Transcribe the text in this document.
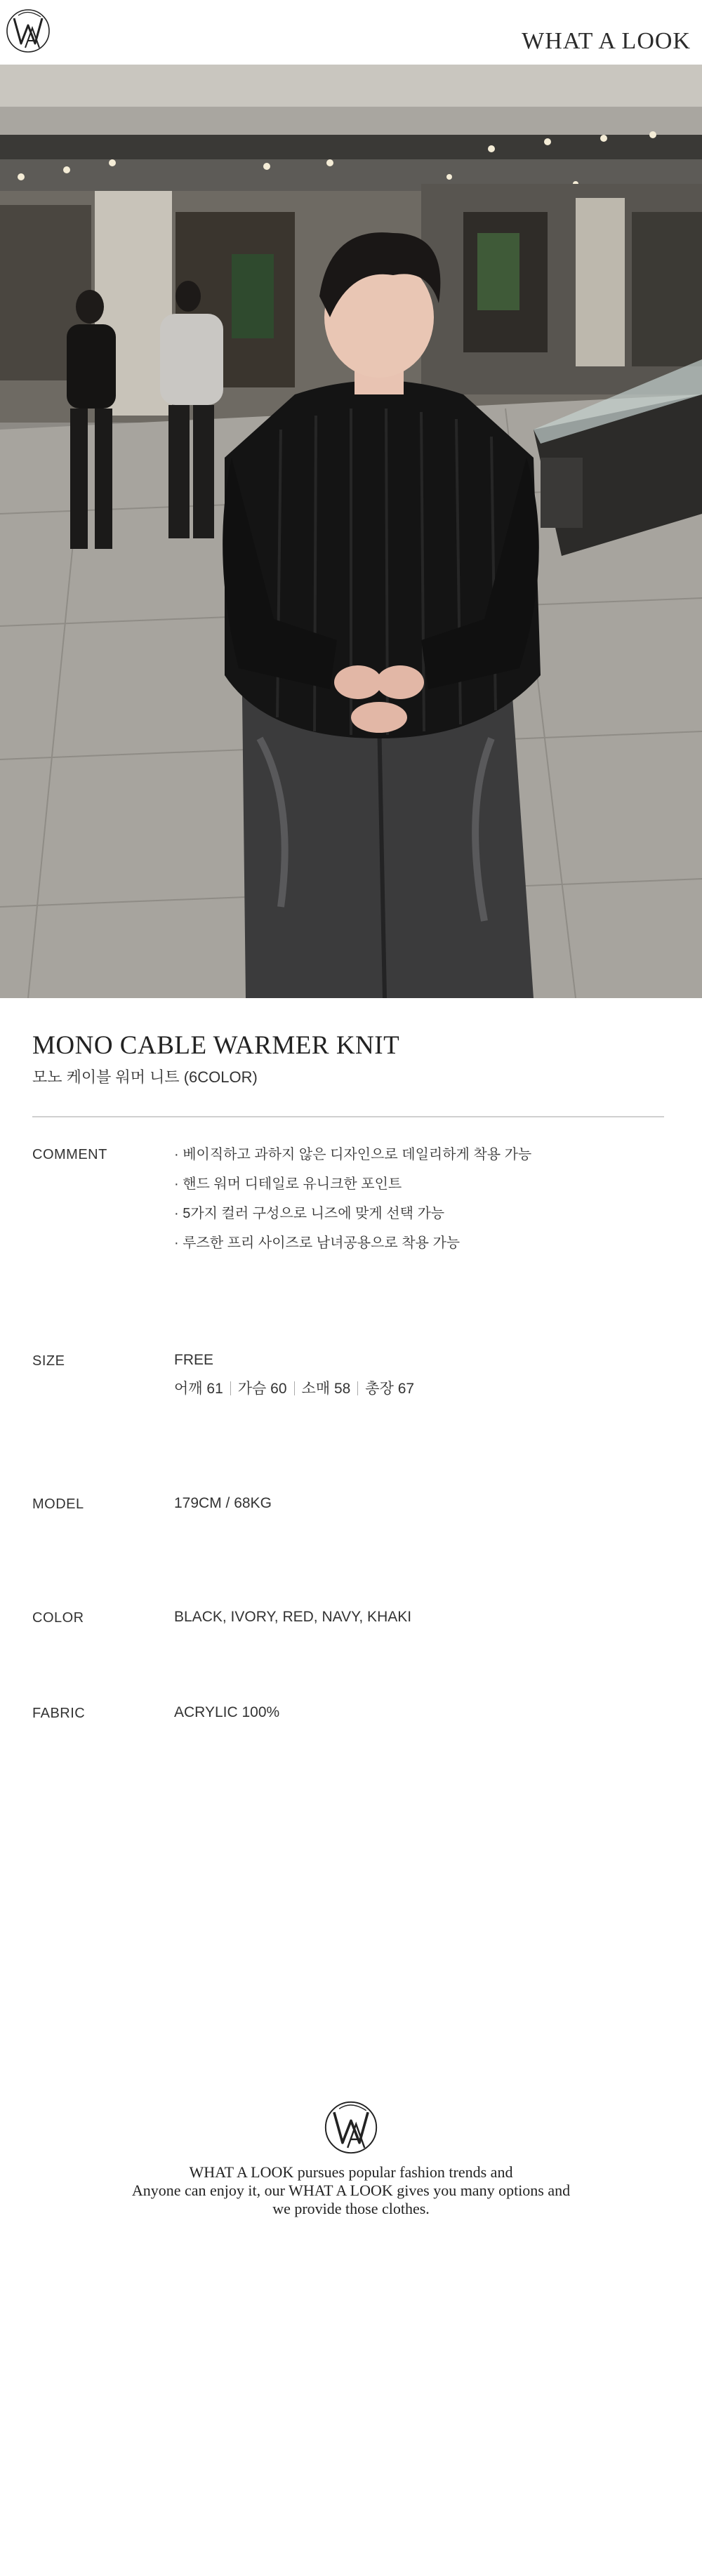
WHAT A LOOK
MONO CABLE WARMER KNIT
모노 케이블 워머 니트 (6COLOR)
COMMENT	· 베이직하고 과하지 않은 디자인으로 데일리하게 착용 가능
· 핸드 워머 디테일로 유니크한 포인트
· 5가지 컬러 구성으로 니즈에 맞게 선택 가능
· 루즈한 프리 사이즈로 남녀공용으로 착용 가능
SIZE	FREE
어깨 61 가슴 60 소매 58 총장 67
MODEL	179CM / 68KG
COLOR	BLACK, IVORY, RED, NAVY, KHAKI
FABRIC	ACRYLIC 100%
WHAT A LOOK pursues popular fashion trends and
Anyone can enjoy it, our WHAT A LOOK gives you many options and
we provide those clothes.
